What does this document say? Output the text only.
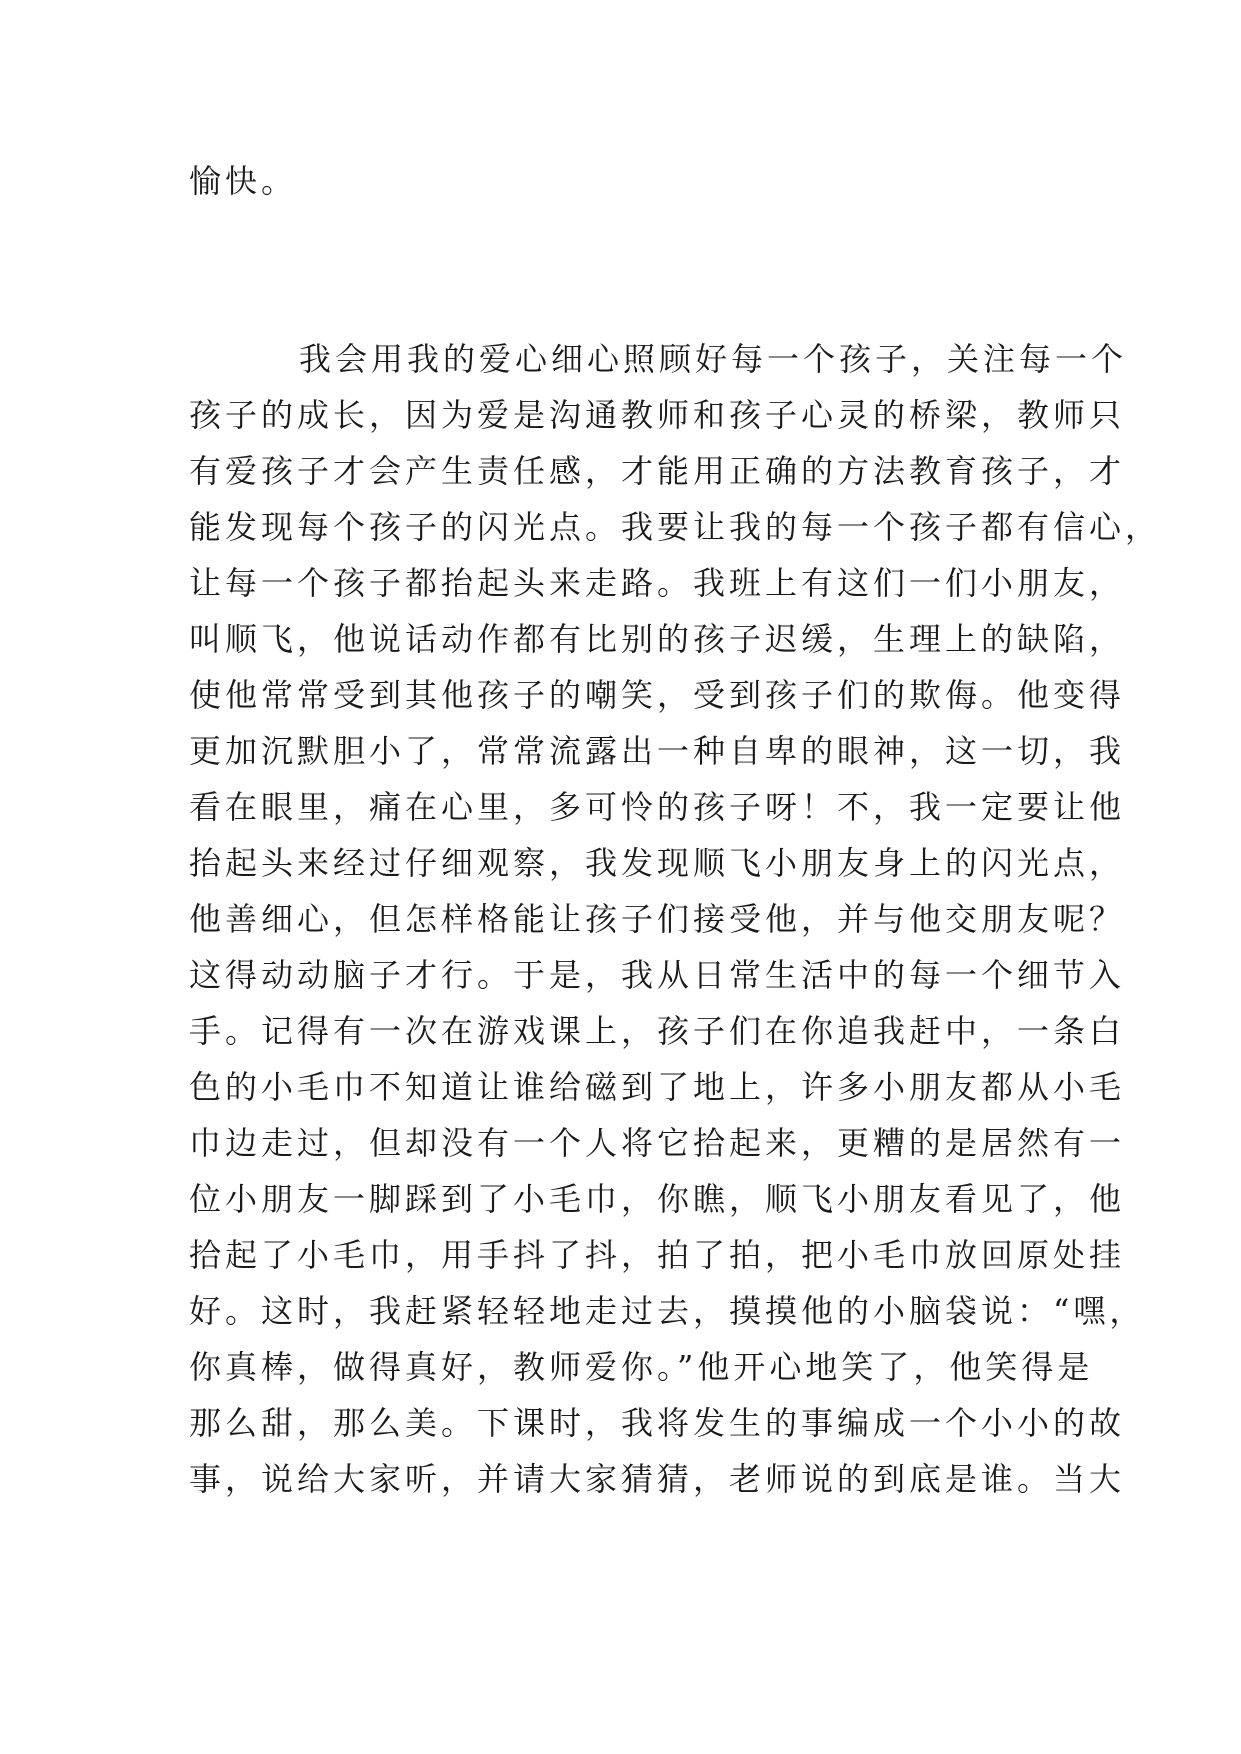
愉快。
我会用我的爱心细心照顾好每一个孩子，关注每一个
孩子的成长，因为爱是沟通教师和孩子心灵的桥梁，教师只
有爱孩子才会产生责任感，才能用正确的方法教育孩子，才
能发现每个孩子的闪光点。我要让我的每一个孩子都有信心，
让每一个孩子都抬起头来走路。我班上有这们一们小朋友，
叫顺飞，他说话动作都有比别的孩子迟缓，生理上的缺陷，
使他常常受到其他孩子的嘲笑，受到孩子们的欺侮。他变得
更加沉默胆小了，常常流露出一种自卑的眼神，这一切，我
看在眼里，痛在心里，多可怜的孩子呀！不，我一定要让他
抬起头来经过仔细观察，我发现顺飞小朋友身上的闪光点，
他善细心，但怎样格能让孩子们接受他，并与他交朋友呢？
这得动动脑子才行。于是，我从日常生活中的每一个细节入
手。记得有一次在游戏课上，孩子们在你追我赶中，一条白
色的小毛巾不知道让谁给磁到了地上，许多小朋友都从小毛
巾边走过，但却没有一个人将它拾起来，更糟的是居然有一
位小朋友一脚踩到了小毛巾，你瞧，顺飞小朋友看见了，他
拾起了小毛巾，用手抖了抖，拍了拍，把小毛巾放回原处挂
好。这时，我赶紧轻轻地走过去，摸摸他的小脑袋说：“嘿，
你真棒，做得真好，教师爱你。”他开心地笑了，他笑得是
那么甜，那么美。下课时，我将发生的事编成一个小小的故
事，说给大家听，并请大家猜猜，老师说的到底是谁。当大
